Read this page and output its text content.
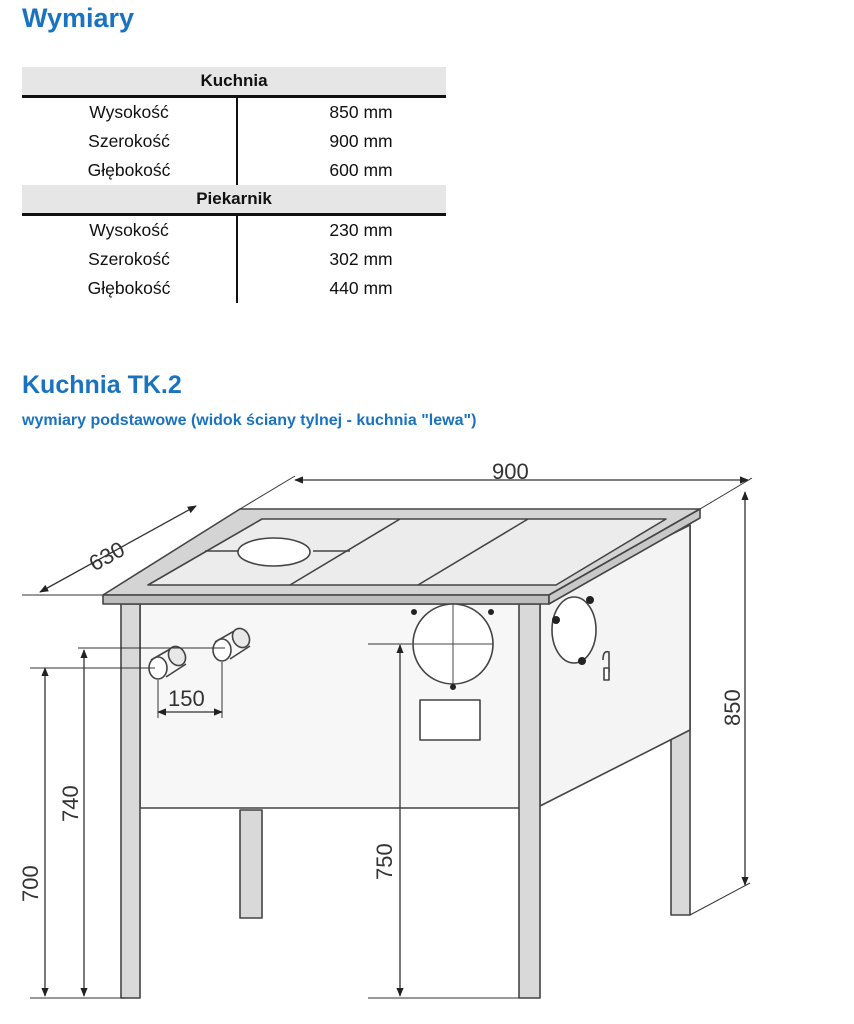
Wymiary
Kuchnia
Wysokość	850 mm
Szerokość	900 mm
Głębokość	600 mm
Piekarnik
Wysokość	230 mm
Szerokość	302 mm
Głębokość	440 mm
Kuchnia TK.2
wymiary podstawowe (widok ściany tylnej - kuchnia "lewa")
900
630
850
150
740
700
750
